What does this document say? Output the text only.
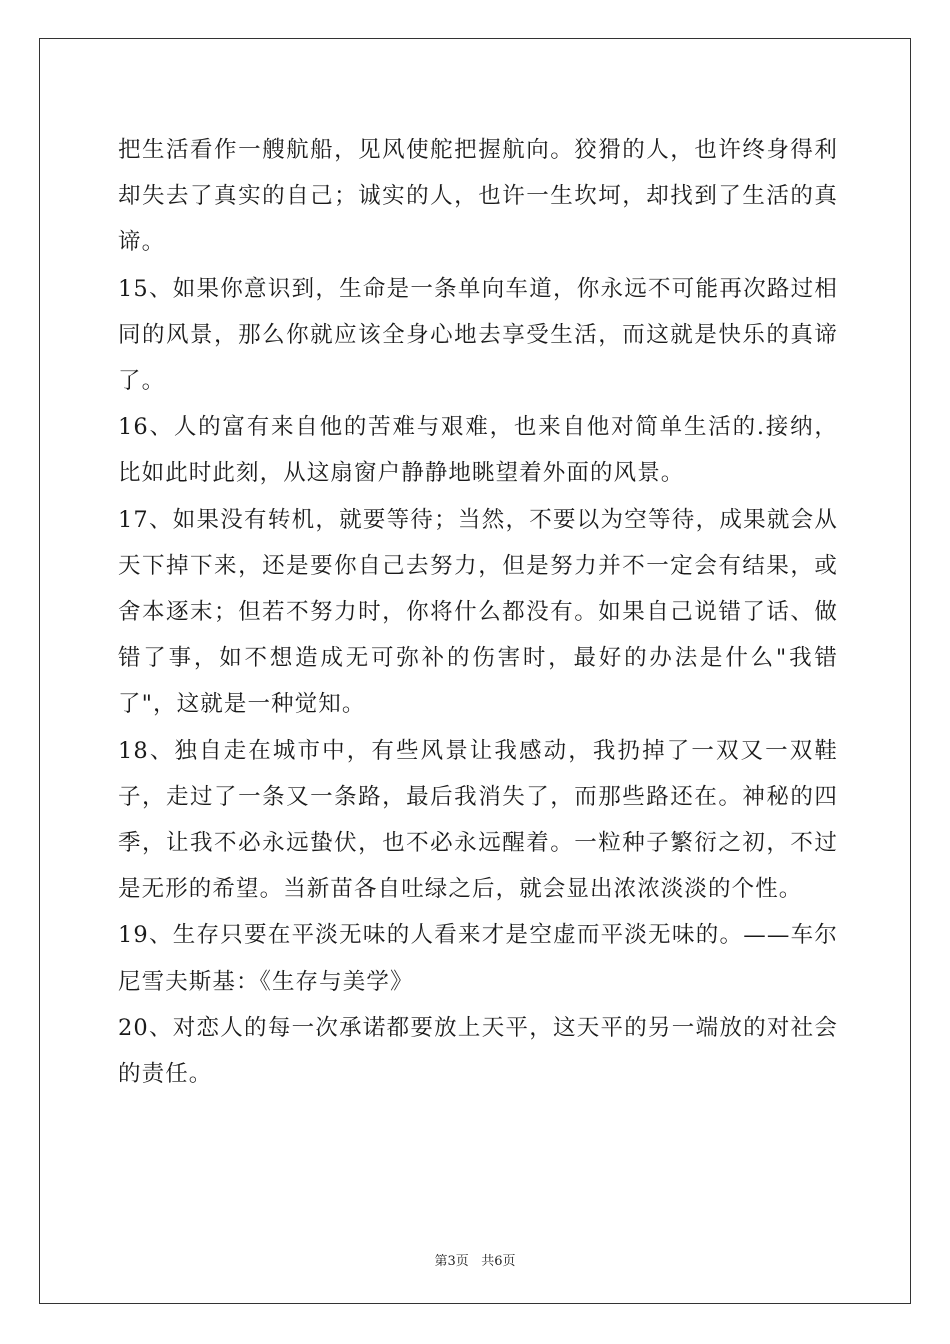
把生活看作一艘航船，见风使舵把握航向。狡猾的人，也许终身得利却失去了真实的自己；诚实的人，也许一生坎坷，却找到了生活的真谛。

15、如果你意识到，生命是一条单向车道，你永远不可能再次路过相同的风景，那么你就应该全身心地去享受生活，而这就是快乐的真谛了。

16、人的富有来自他的苦难与艰难，也来自他对简单生活的.接纳，比如此时此刻，从这扇窗户静静地眺望着外面的风景。

17、如果没有转机，就要等待；当然，不要以为空等待，成果就会从天下掉下来，还是要你自己去努力，但是努力并不一定会有结果，或舍本逐末；但若不努力时，你将什么都没有。如果自己说错了话、做错了事，如不想造成无可弥补的伤害时，最好的办法是什么"我错了"，这就是一种觉知。

18、独自走在城市中，有些风景让我感动，我扔掉了一双又一双鞋子，走过了一条又一条路，最后我消失了，而那些路还在。神秘的四季，让我不必永远蛰伏，也不必永远醒着。一粒种子繁衍之初，不过是无形的希望。当新苗各自吐绿之后，就会显出浓浓淡淡的个性。

19、生存只要在平淡无味的人看来才是空虚而平淡无味的。——车尔尼雪夫斯基：《生存与美学》

20、对恋人的每一次承诺都要放上天平，这天平的另一端放的对社会的责任。

第3页 共6页
